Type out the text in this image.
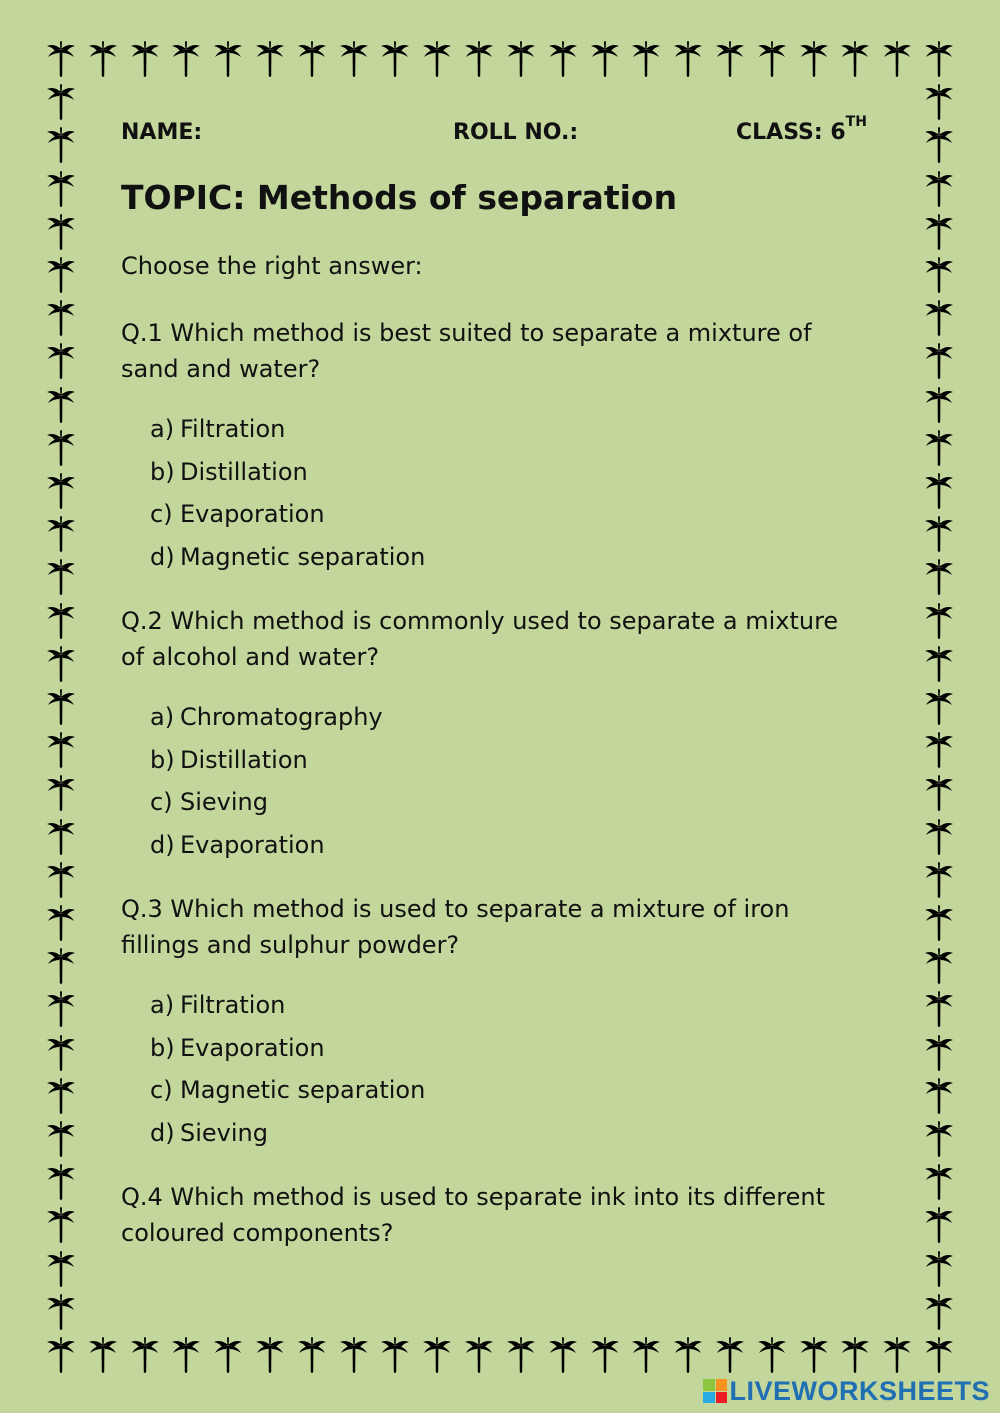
NAME:	ROLL NO.:	CLASS: 6TH
TOPIC: Methods of separation
Choose the right answer:
Q.1 Which method is best suited to separate a mixture of sand and water?
a) Filtration
b) Distillation
c) Evaporation
d) Magnetic separation
Q.2 Which method is commonly used to separate a mixture of alcohol and water?
a) Chromatography
b) Distillation
c) Sieving
d) Evaporation
Q.3 Which method is used to separate a mixture of iron fillings and sulphur powder?
a) Filtration
b) Evaporation
c) Magnetic separation
d) Sieving
Q.4 Which method is used to separate ink into its different coloured components?
LIVEWORKSHEETS
